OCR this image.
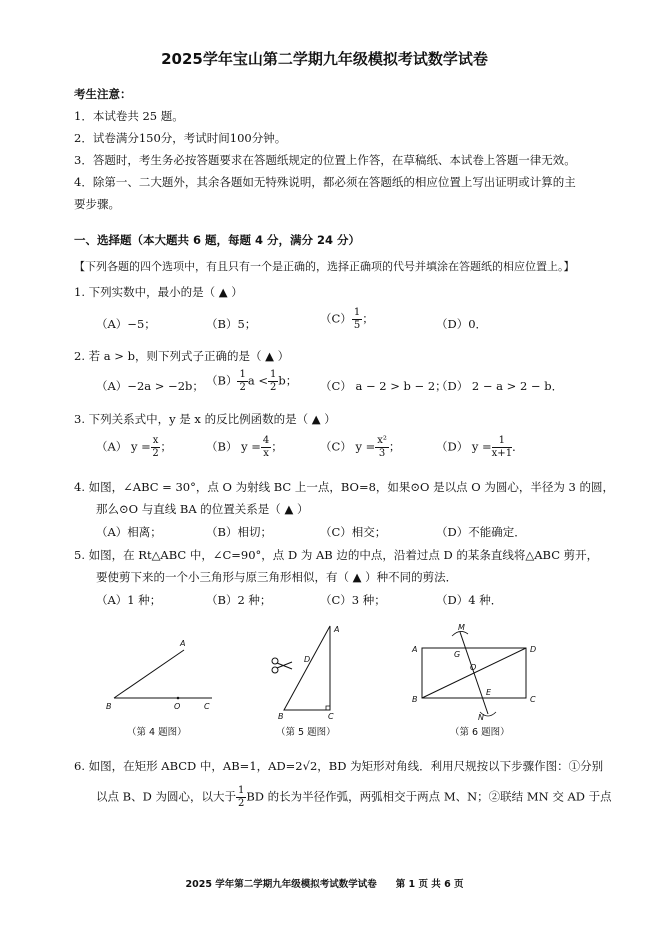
2025学年宝山第二学期九年级模拟考试数学试卷
考生注意：
1．本试卷共 25 题。
2．试卷满分150分，考试时间100分钟。
3．答题时，考生务必按答题要求在答题纸规定的位置上作答，在草稿纸、本试卷上答题一律无效。
4．除第一、二大题外，其余各题如无特殊说明，都必须在答题纸的相应位置上写出证明或计算的主
要步骤。
一、选择题（本大题共 6 题，每题 4 分，满分 24 分）
【下列各题的四个选项中，有且只有一个是正确的，选择正确项的代号并填涂在答题纸的相应位置上。】
1. 下列实数中，最小的是（ ▲ ）
（A）−5；	（B）5；	$(C) \frac{1}{5}$ ；	（D）0．
2. 若 a > b，则下列式子正确的是（ ▲ ）
（A）−2a > −2b； $(B) \frac{1}{2}$ $a < \frac{1}{2}$ b； （C） a − 2 > b − 2；
（D） 2 − a > 2 − b．
3. 下列关系式中，y 是 x 的反比例函数的是（ ▲ ）
（A） $y = \frac{x}{2}$ ；	（B） $y = \frac{4}{x}$ ；	（C） $y = \frac{\text{x²}}{3}$ ；	（D） $y = \frac{1}{x+1}$ ．
4. 如图，∠ABC = 30°，点 O 为射线 BC 上一点，BO=8，如果⊙O 是以点 O 为圆心，半径为 3 的圆，
那么⊙O 与直线 BA 的位置关系是（ ▲ ）
（A）相离；	（B）相切；	（C）相交；	（D）不能确定．
5. 如图，在 Rt△ABC 中，∠C=90°，点 D 为 AB 边的中点，沿着过点 D 的某条直线将△ABC 剪开，
要使剪下来的一个小三角形与原三角形相似，有（ ▲ ）种不同的剪法．
（A）1 种；	（B）2 种；	（C）3 种；	（D）4 种．
A
B	O	C
（第 4 题图）
A
D
B	C
（第 5 题图）
M
A
G
D
O
B
E
C
N
（第 6 题图）
6. 如图，在矩形 ABCD 中，AB=1，AD=2√2，BD 为矩形对角线．利用尺规按以下步骤作图：①分别
以点 B、D 为圆心，以大于 $\frac{1}{2}$ BD 的长为半径作弧，两弧相交于两点 M、N；②联结 MN 交 AD 于点
2025 学年第二学期九年级模拟考试数学试卷　　第 1 页 共 6 页
